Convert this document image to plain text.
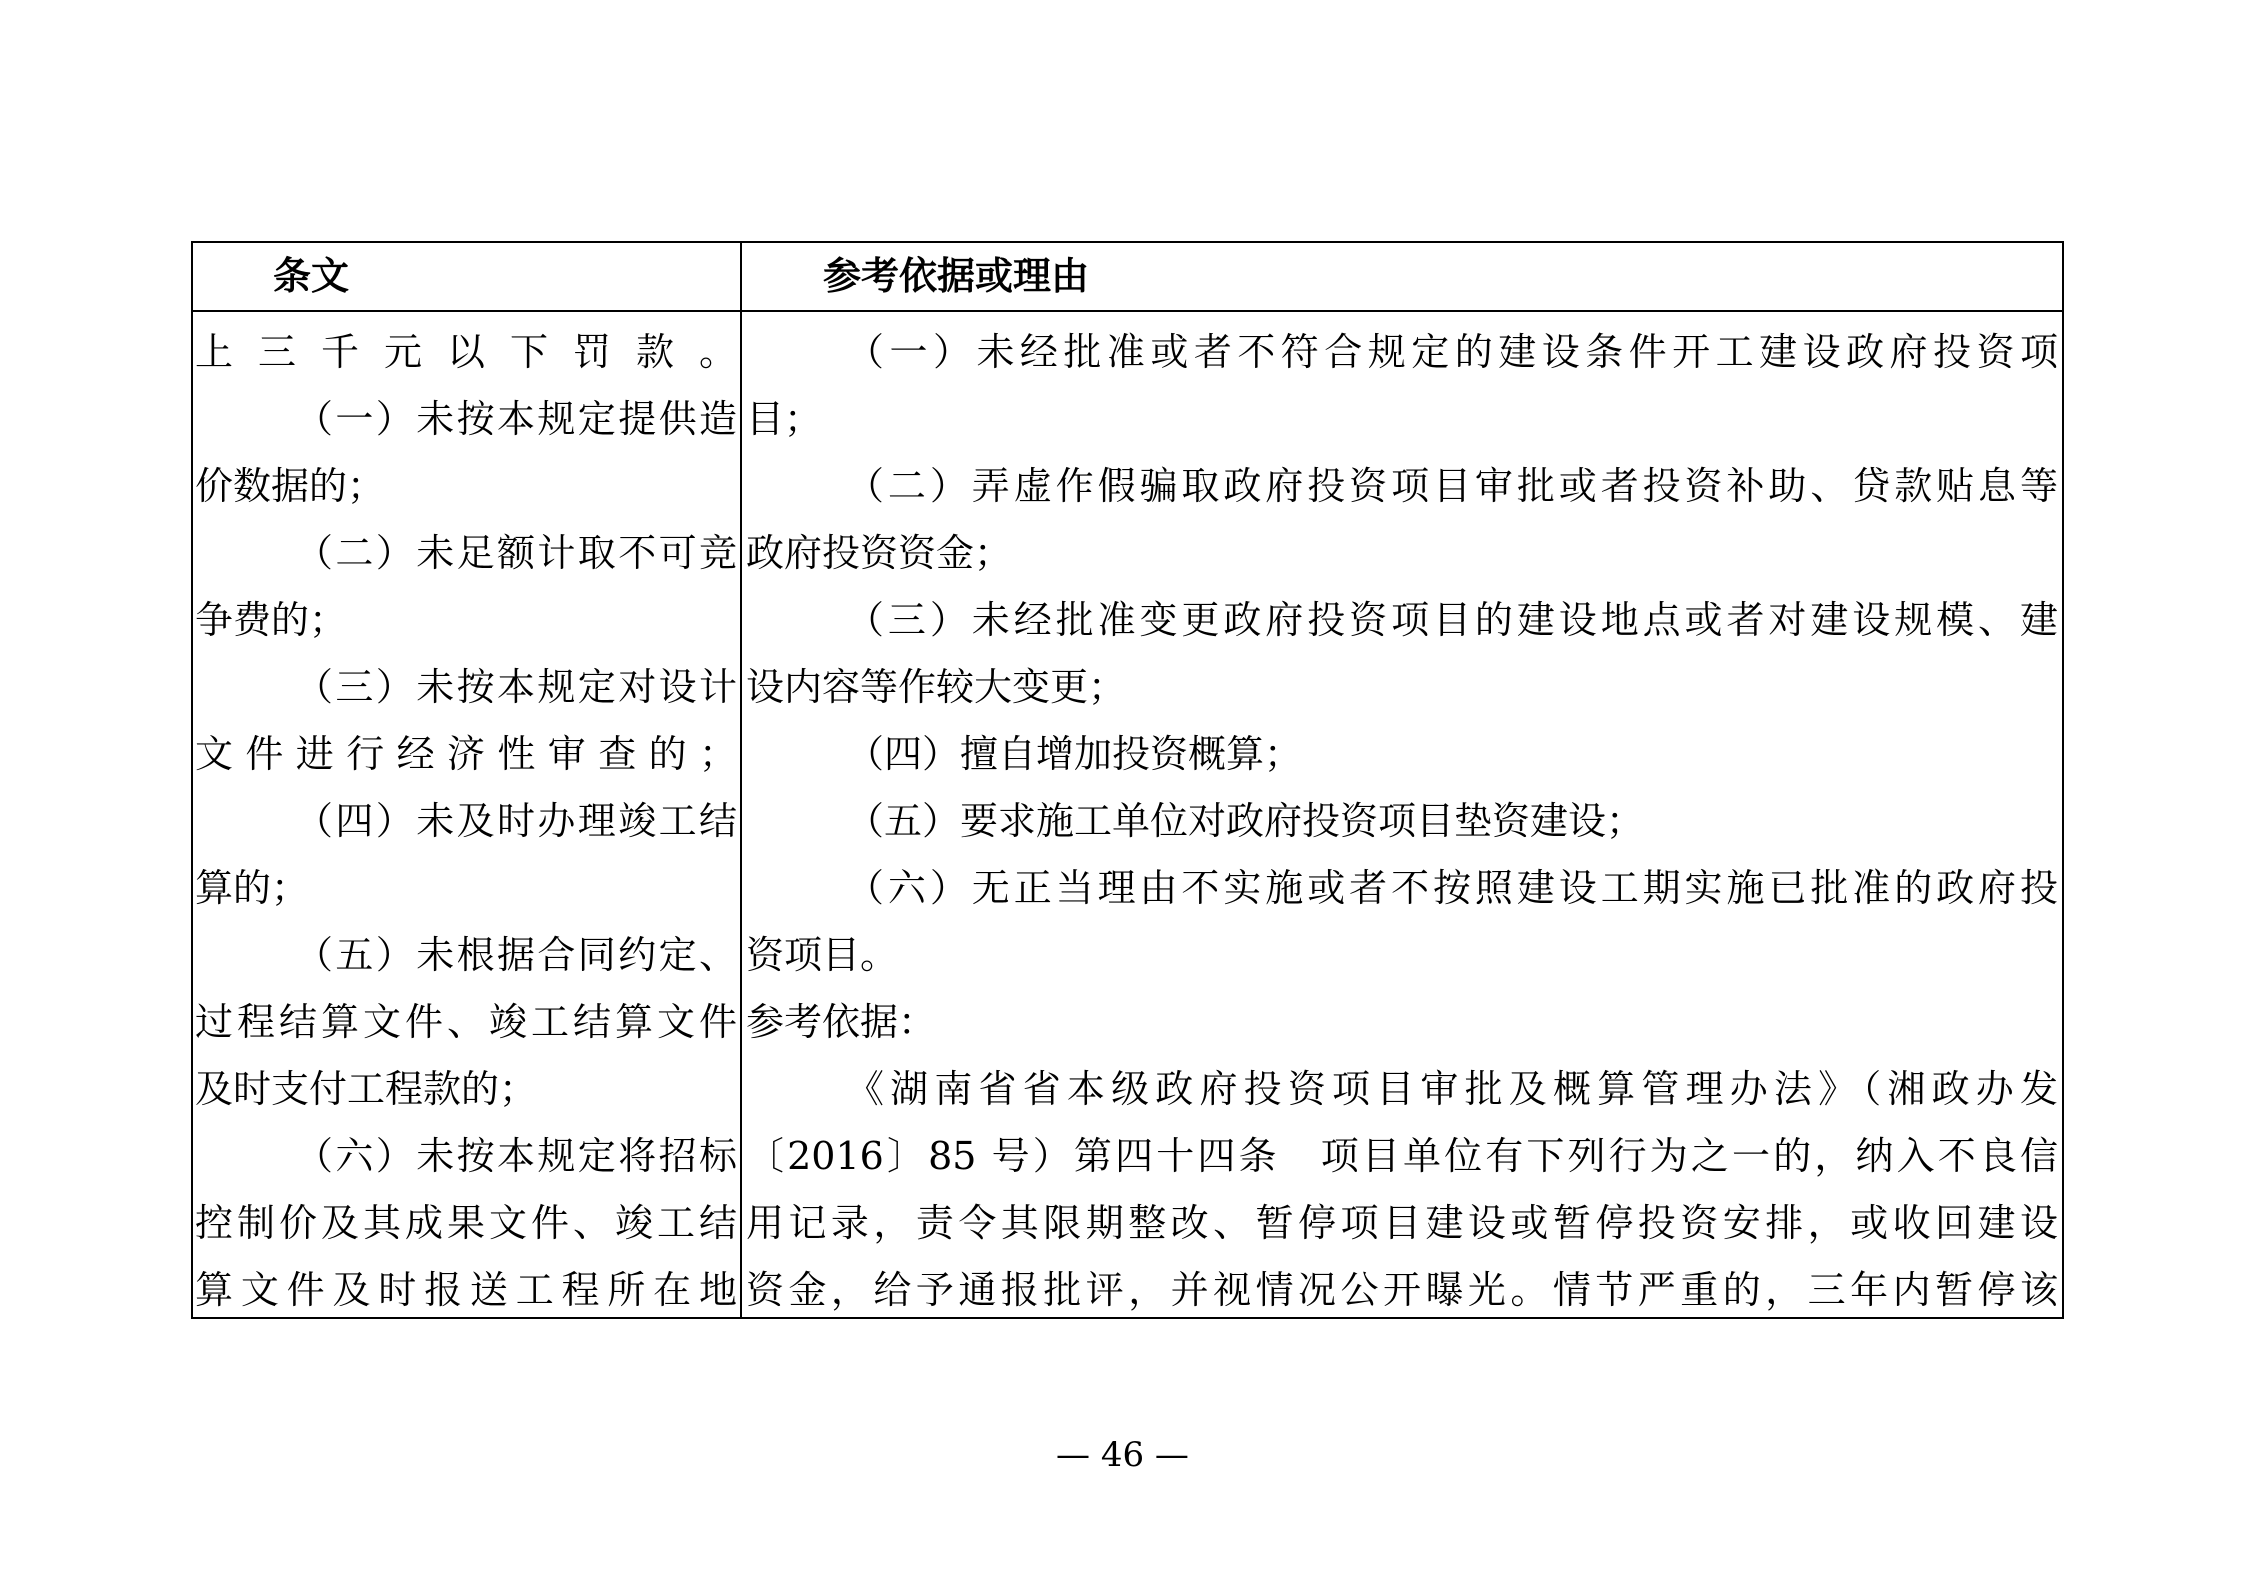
条文	参考依据或理由
上三千元以下罚款。
（一）未按本规定提供造
价数据的；
（二）未足额计取不可竞
争费的；
（三）未按本规定对设计
文件进行经济性审查的；
（四）未及时办理竣工结
算的；
（五）未根据合同约定、
过程结算文件、竣工结算文件
及时支付工程款的；
（六）未按本规定将招标
控制价及其成果文件、竣工结
算文件及时报送工程所在地
（一）未经批准或者不符合规定的建设条件开工建设政府投资项
目；
（二）弄虚作假骗取政府投资项目审批或者投资补助、贷款贴息等
政府投资资金；
（三）未经批准变更政府投资项目的建设地点或者对建设规模、建
设内容等作较大变更；
（四）擅自增加投资概算；
（五）要求施工单位对政府投资项目垫资建设；
（六）无正当理由不实施或者不按照建设工期实施已批准的政府投
资项目。
参考依据：
《湖南省省本级政府投资项目审批及概算管理办法》（湘政办发
〔2016〕85 号）第四十四条　项目单位有下列行为之一的，纳入不良信
用记录，责令其限期整改、暂停项目建设或暂停投资安排，或收回建设
资金，给予通报批评，并视情况公开曝光。情节严重的，三年内暂停该
— 46 —
